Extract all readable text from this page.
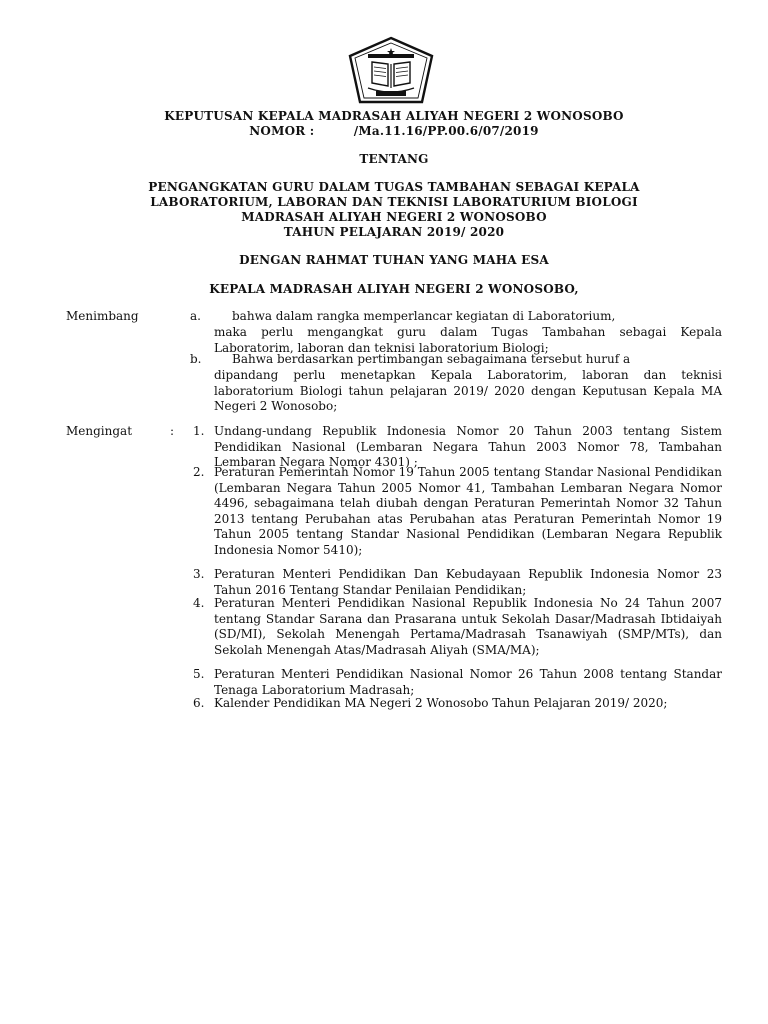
KEPUTUSAN KEPALA MADRASAH ALIYAH NEGERI 2 WONOSOBO
NOMOR :         /Ma.11.16/PP.00.6/07/2019
TENTANG
PENGANGKATAN GURU DALAM TUGAS TAMBAHAN SEBAGAI KEPALA
LABORATORIUM, LABORAN DAN TEKNISI LABORATURIUM BIOLOGI
MADRASAH ALIYAH NEGERI 2 WONOSOBO
TAHUN PELAJARAN 2019/ 2020
DENGAN RAHMAT TUHAN YANG MAHA ESA
KEPALA MADRASAH ALIYAH NEGERI 2 WONOSOBO,
Menimbang	a.	bahwa dalam rangka memperlancar kegiatan di Laboratorium,
maka perlu mengangkat guru dalam Tugas Tambahan sebagai Kepala Laboratorim, laboran dan teknisi laboratorium Biologi;
b.	Bahwa berdasarkan pertimbangan sebagaimana tersebut huruf a
dipandang perlu menetapkan Kepala Laboratorim, laboran dan teknisi laboratorium Biologi tahun pelajaran 2019/ 2020 dengan Keputusan Kepala MA Negeri 2 Wonosobo;
Mengingat	: 1. Undang-undang Republik Indonesia Nomor 20 Tahun 2003 tentang Sistem Pendidikan Nasional (Lembaran Negara Tahun 2003 Nomor 78, Tambahan Lembaran Negara Nomor 4301) ;
2. Peraturan Pemerintah Nomor 19 Tahun 2005 tentang Standar Nasional Pendidikan (Lembaran Negara Tahun 2005 Nomor 41, Tambahan Lembaran Negara Nomor 4496, sebagaimana telah diubah dengan Peraturan Pemerintah Nomor 32 Tahun 2013 tentang Perubahan atas Perubahan atas Peraturan Pemerintah Nomor 19 Tahun 2005 tentang Standar Nasional Pendidikan (Lembaran Negara Republik Indonesia Nomor 5410);
3. Peraturan Menteri Pendidikan Dan Kebudayaan Republik Indonesia Nomor 23 Tahun 2016 Tentang Standar Penilaian Pendidikan;
4. Peraturan Menteri Pendidikan Nasional Republik Indonesia No 24 Tahun 2007 tentang Standar Sarana dan Prasarana untuk Sekolah Dasar/Madrasah Ibtidaiyah (SD/MI), Sekolah Menengah Pertama/Madrasah Tsanawiyah (SMP/MTs), dan Sekolah Menengah Atas/Madrasah Aliyah (SMA/MA);
5. Peraturan Menteri Pendidikan Nasional Nomor 26 Tahun 2008 tentang Standar Tenaga Laboratorium Madrasah;
6. Kalender Pendidikan MA Negeri 2 Wonosobo Tahun Pelajaran 2019/ 2020;
